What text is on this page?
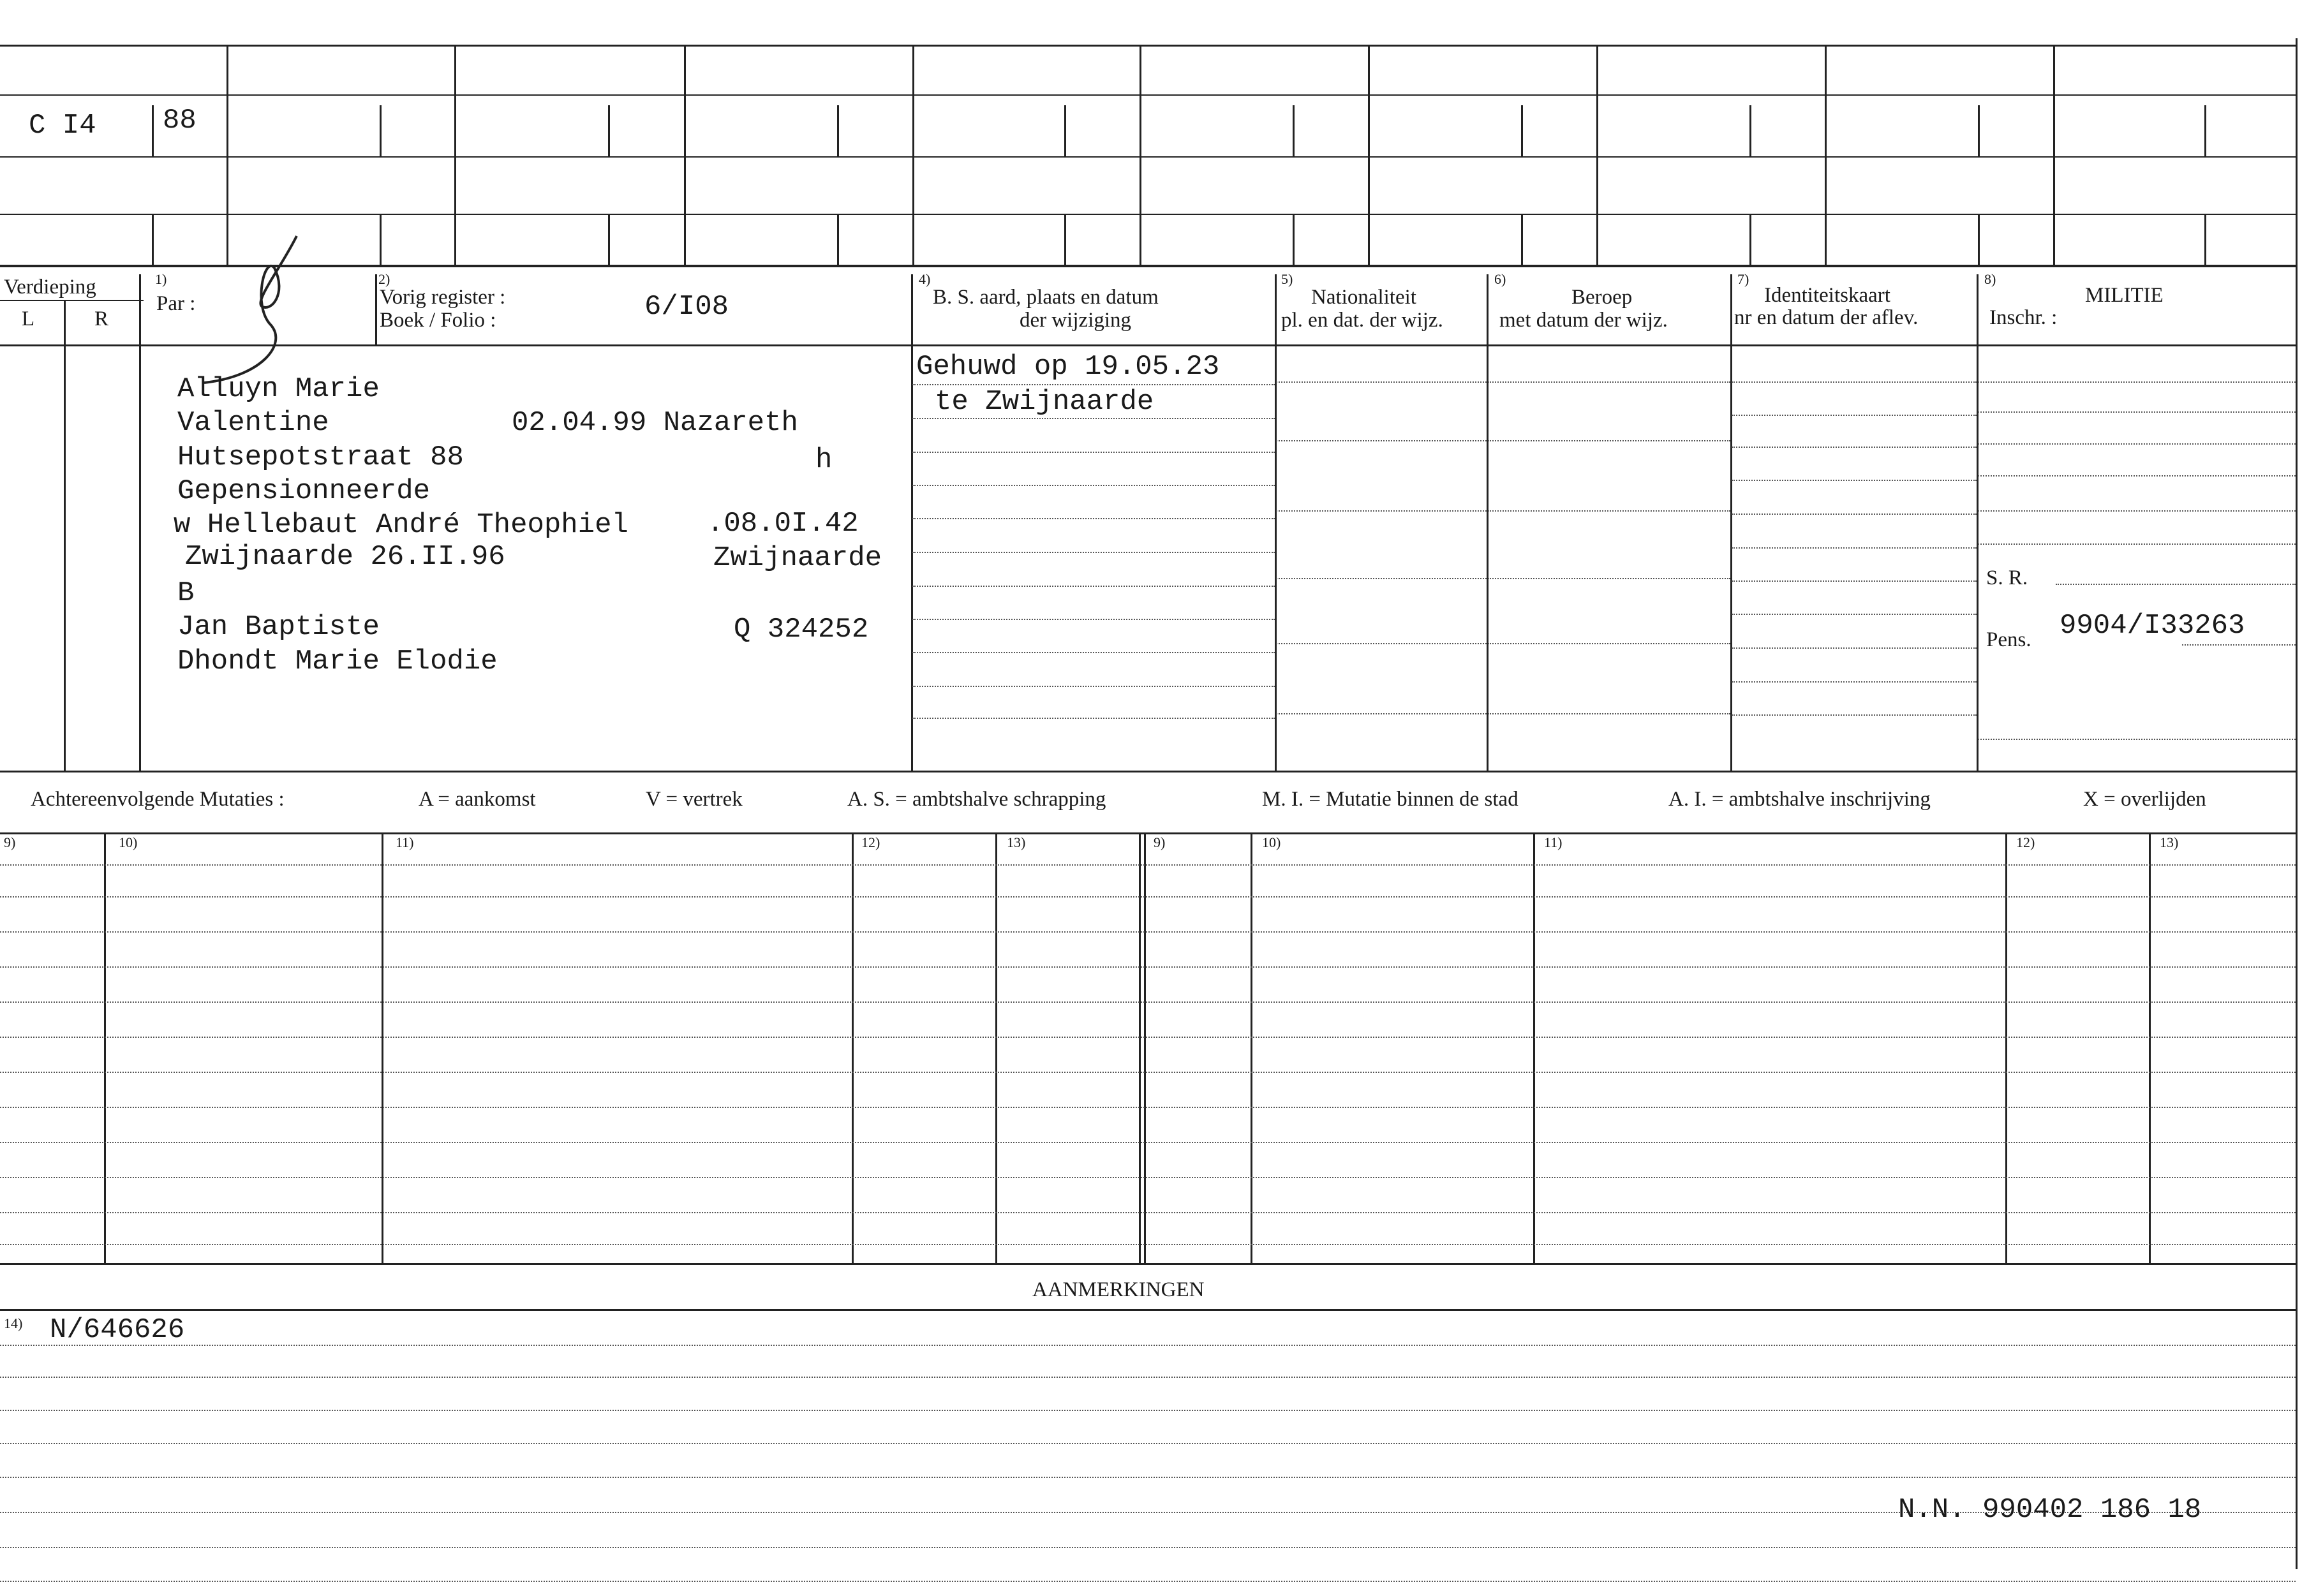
C I4 88
Verdieping
L	R
1)
Par :
2)
Vorig register :
Boek / Folio :	6/I08
4)
B. S. aard, plaats en datum
der wijziging
5)
Nationaliteit
pl. en dat. der wijz.
6)
Beroep
met datum der wijz.
7)
Identiteitskaart
nr en datum der aflev.
8)
MILITIE
Inschr. :
S. R.
Pens. 9904/I33263
Alluyn Marie
Valentine	02.04.99 Nazareth
Hutsepotstraat 88	h
Gepensionneerde
w Hellebaut André Theophiel	.08.0I.42
Zwijnaarde 26.II.96	Zwijnaarde
B
Jan Baptiste	Q 324252
Dhondt Marie Elodie
Gehuwd op 19.05.23
te Zwijnaarde
Achtereenvolgende Mutaties :	A = aankomst	V = vertrek	A. S. = ambtshalve schrapping	M. I. = Mutatie binnen de stad	A. I. = ambtshalve inschrijving	X = overlijden
9)	10)	11)	12)	13)	9)	10)	11)	12)	13)
AANMERKINGEN
14) N/646626
N.N. 990402 186 18
